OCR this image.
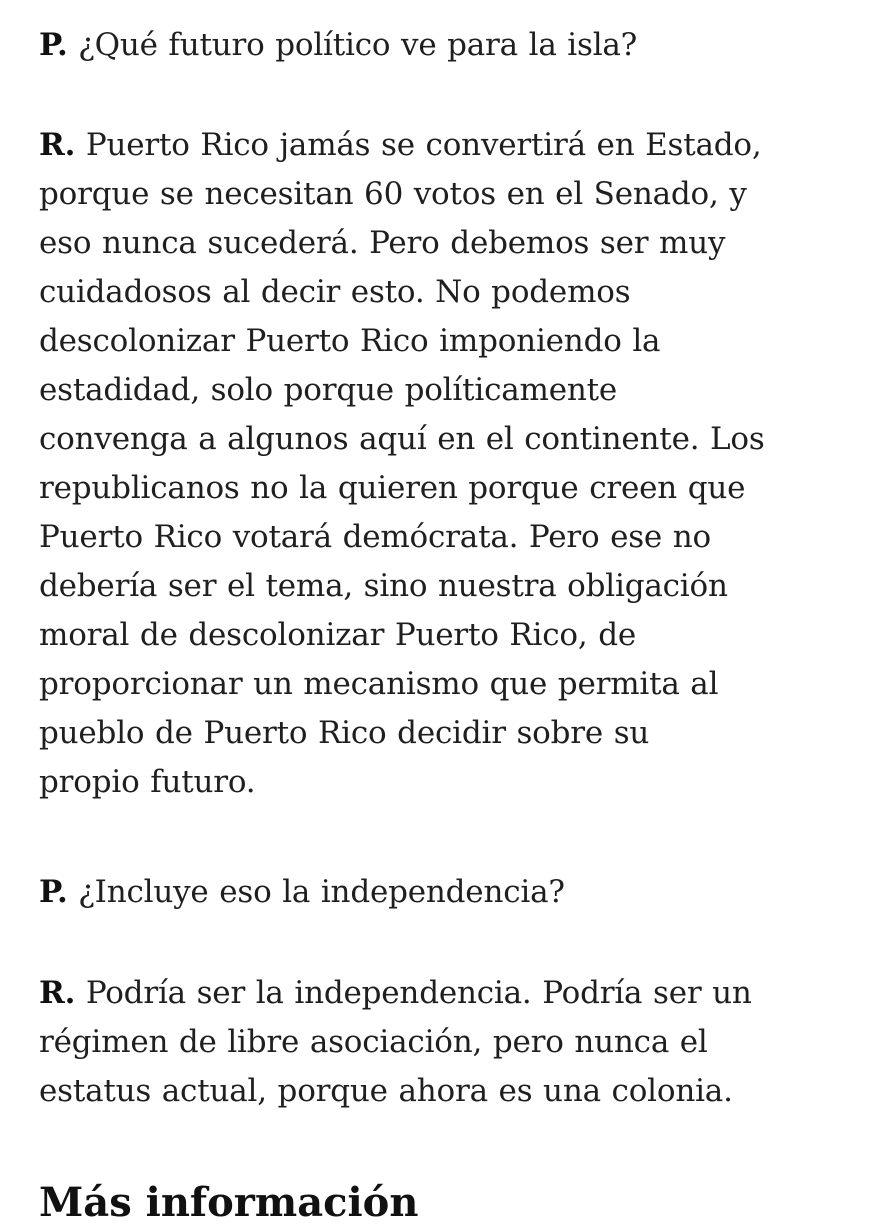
P. ¿Qué futuro político ve para la isla?

R. Puerto Rico jamás se convertirá en Estado,
porque se necesitan 60 votos en el Senado, y
eso nunca sucederá. Pero debemos ser muy
cuidadosos al decir esto. No podemos
descolonizar Puerto Rico imponiendo la
estadidad, solo porque políticamente
convenga a algunos aquí en el continente. Los
republicanos no la quieren porque creen que
Puerto Rico votará demócrata. Pero ese no
debería ser el tema, sino nuestra obligación
moral de descolonizar Puerto Rico, de
proporcionar un mecanismo que permita al
pueblo de Puerto Rico decidir sobre su
propio futuro.

P. ¿Incluye eso la independencia?

R. Podría ser la independencia. Podría ser un
régimen de libre asociación, pero nunca el
estatus actual, porque ahora es una colonia.

Más información
